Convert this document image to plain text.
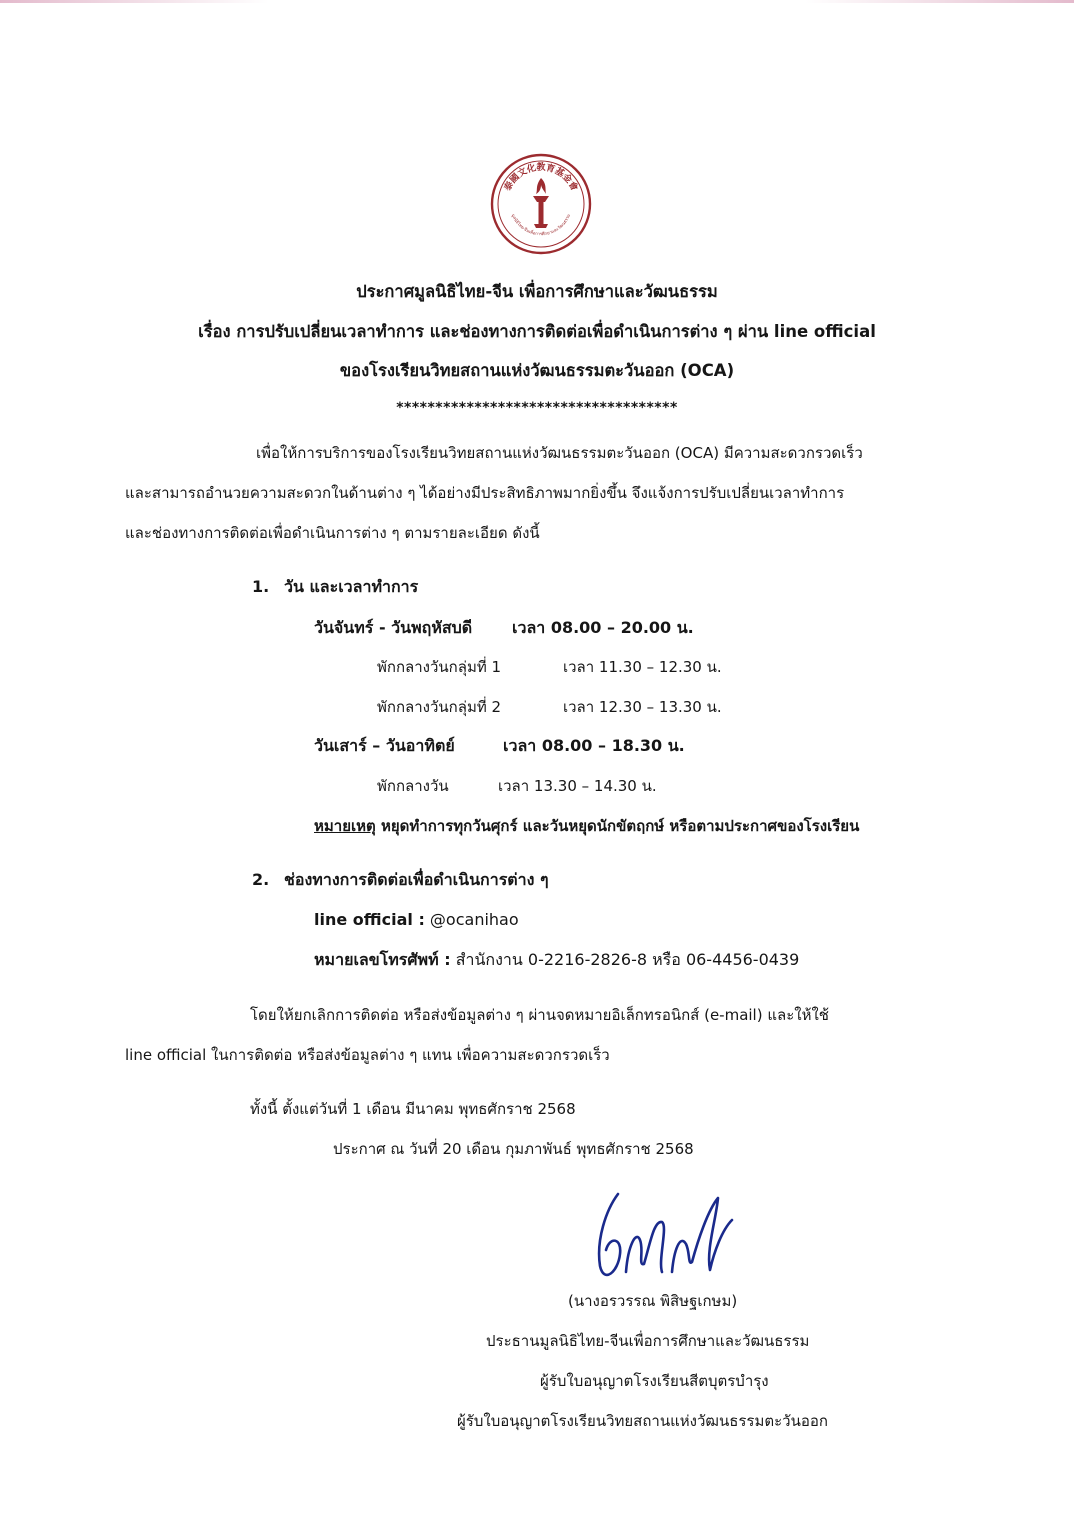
泰國文化教育基金會
มูลนิธิไทย-จีนเพื่อการศึกษาและวัฒนธรรม
ประกาศมูลนิธิไทย-จีน เพื่อการศึกษาและวัฒนธรรม
เรื่อง การปรับเปลี่ยนเวลาทำการ และช่องทางการติดต่อเพื่อดำเนินการต่าง ๆ ผ่าน line official
ของโรงเรียนวิทยสถานแห่งวัฒนธรรมตะวันออก (OCA)
************************************
เพื่อให้การบริการของโรงเรียนวิทยสถานแห่งวัฒนธรรมตะวันออก (OCA) มีความสะดวกรวดเร็ว
และสามารถอำนวยความสะดวกในด้านต่าง ๆ ได้อย่างมีประสิทธิภาพมากยิ่งขึ้น จึงแจ้งการปรับเปลี่ยนเวลาทำการ
และช่องทางการติดต่อเพื่อดำเนินการต่าง ๆ ตามรายละเอียด ดังนี้
1. วัน และเวลาทำการ
วันจันทร์ - วันพฤหัสบดี เวลา 08.00 – 20.00 น.
พักกลางวันกลุ่มที่ 1	เวลา 11.30 – 12.30 น.
พักกลางวันกลุ่มที่ 2	เวลา 12.30 – 13.30 น.
วันเสาร์ – วันอาทิตย์	เวลา 08.00 – 18.30 น.
พักกลางวัน	เวลา 13.30 – 14.30 น.
หมายเหตุ หยุดทำการทุกวันศุกร์ และวันหยุดนักขัตฤกษ์ หรือตามประกาศของโรงเรียน
2. ช่องทางการติดต่อเพื่อดำเนินการต่าง ๆ
line official : @ocanihao
หมายเลขโทรศัพท์ : สำนักงาน 0-2216-2826-8 หรือ 06-4456-0439
โดยให้ยกเลิกการติดต่อ หรือส่งข้อมูลต่าง ๆ ผ่านจดหมายอิเล็กทรอนิกส์ (e-mail) และให้ใช้
line official ในการติดต่อ หรือส่งข้อมูลต่าง ๆ แทน เพื่อความสะดวกรวดเร็ว
ทั้งนี้ ตั้งแต่วันที่ 1 เดือน มีนาคม พุทธศักราช 2568
ประกาศ ณ วันที่ 20 เดือน กุมภาพันธ์ พุทธศักราช 2568
(นางอรวรรณ พิสิษฐเกษม)
ประธานมูลนิธิไทย-จีนเพื่อการศึกษาและวัฒนธรรม
ผู้รับใบอนุญาตโรงเรียนสีตบุตรบำรุง
ผู้รับใบอนุญาตโรงเรียนวิทยสถานแห่งวัฒนธรรมตะวันออก
